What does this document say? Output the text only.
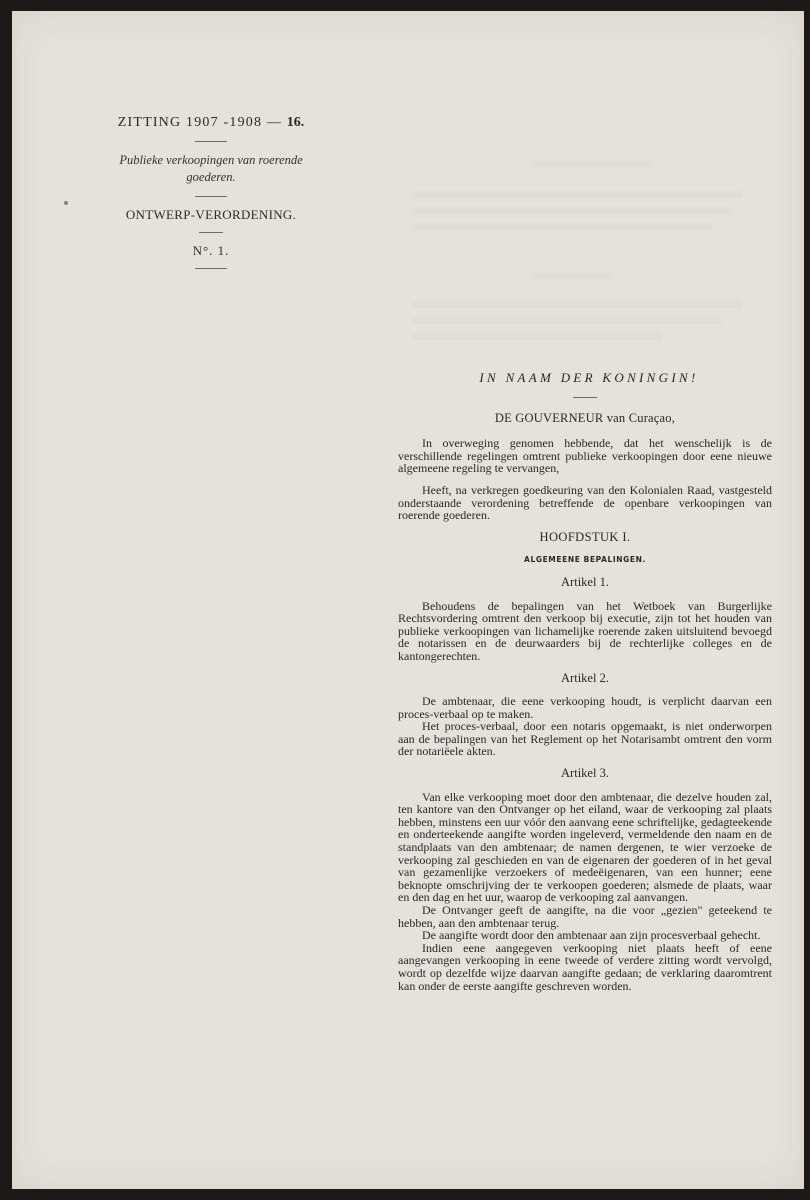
ZITTING 1907 -1908 — 16.
Publieke verkoopingen van roerende goederen.
ONTWERP-VERORDENING.
N°. 1.
IN NAAM DER KONINGIN!
DE GOUVERNEUR van Curaçao,

In overweging genomen hebbende, dat het wenschelijk is de verschillende regelingen omtrent publieke verkoopingen door eene nieuwe algemeene regeling te vervangen,

Heeft, na verkregen goedkeuring van den Kolonialen Raad, vastgesteld onderstaande verordening betreffende de openbare verkoopingen van roerende goederen.

HOOFDSTUK I.
ALGEMEENE BEPALINGEN.
Artikel 1.

Behoudens de bepalingen van het Wetboek van Burgerlijke Rechtsvordering omtrent den verkoop bij executie, zijn tot het houden van publieke verkoopingen van lichamelijke roerende zaken uitsluitend bevoegd de notarissen en de deurwaarders bij de rechterlijke colleges en de kantongerechten.

Artikel 2.

De ambtenaar, die eene verkooping houdt, is verplicht daarvan een proces-verbaal op te maken.

Het proces-verbaal, door een notaris opgemaakt, is niet onderworpen aan de bepalingen van het Reglement op het Notarisambt omtrent den vorm der notariëele akten.

Artikel 3.

Van elke verkooping moet door den ambtenaar, die dezelve houden zal, ten kantore van den Ontvanger op het eiland, waar de verkooping zal plaats hebben, minstens een uur vóór den aanvang eene schriftelijke, gedagteekende en onderteekende aangifte worden ingeleverd, vermeldende den naam en de standplaats van den ambtenaar; de namen dergenen, te wier verzoeke de verkooping zal geschieden en van de eigenaren der goederen of in het geval van gezamenlijke verzoekers of medeëigenaren, van een hunner; eene beknopte omschrijving der te verkoopen goederen; alsmede de plaats, waar en den dag en het uur, waarop de verkooping zal aanvangen.

De Ontvanger geeft de aangifte, na die voor „gezien" geteekend te hebben, aan den ambtenaar terug.

De aangifte wordt door den ambtenaar aan zijn procesverbaal gehecht.

Indien eene aangegeven verkooping niet plaats heeft of eene aangevangen verkooping in eene tweede of verdere zitting wordt vervolgd, wordt op dezelfde wijze daarvan aangifte gedaan; de verklaring daaromtrent kan onder de eerste aangifte geschreven worden.
